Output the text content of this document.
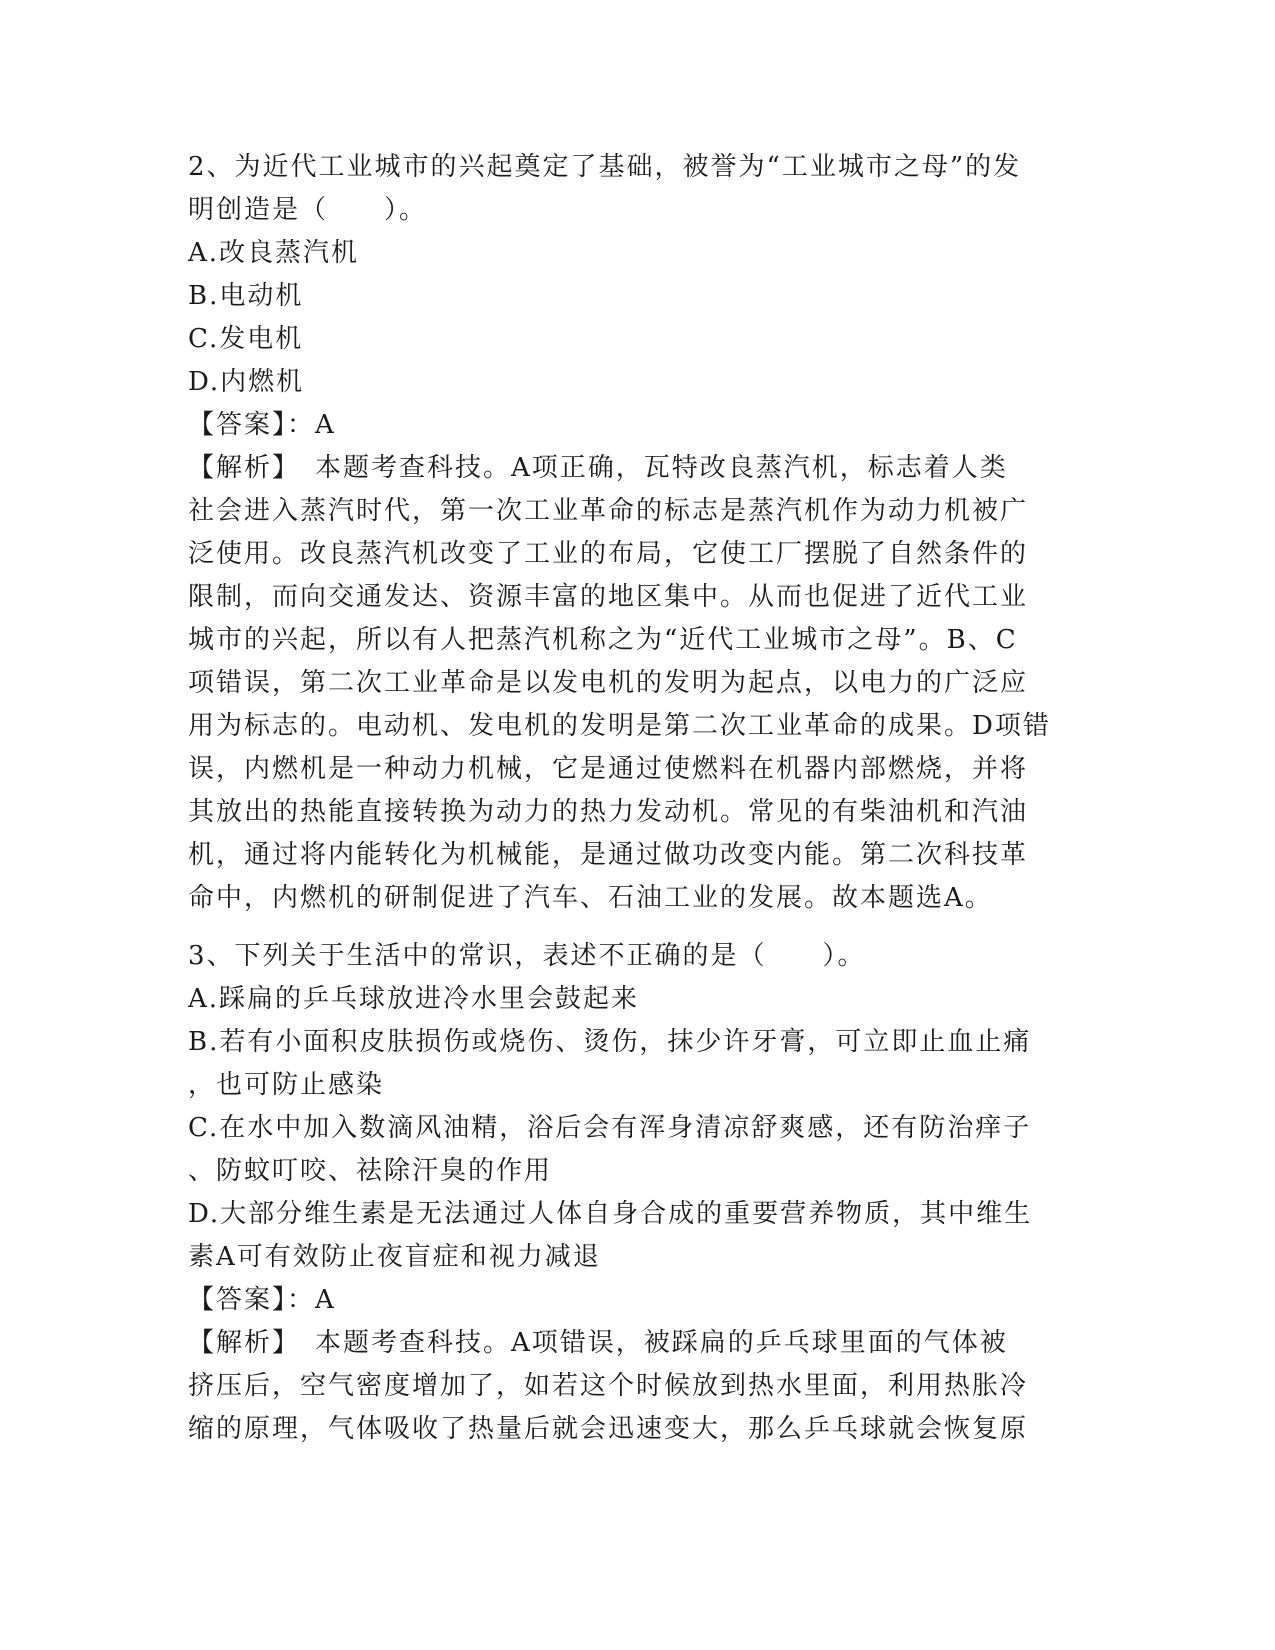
2、为近代工业城市的兴起奠定了基础，被誉为“工业城市之母”的发
明创造是（　　）。
A.改良蒸汽机
B.电动机
C.发电机
D.内燃机
【答案】：A
【解析】　本题考查科技。A项正确，瓦特改良蒸汽机，标志着人类
社会进入蒸汽时代，第一次工业革命的标志是蒸汽机作为动力机被广
泛使用。改良蒸汽机改变了工业的布局，它使工厂摆脱了自然条件的
限制，而向交通发达、资源丰富的地区集中。从而也促进了近代工业
城市的兴起，所以有人把蒸汽机称之为“近代工业城市之母”。B、C
项错误，第二次工业革命是以发电机的发明为起点，以电力的广泛应
用为标志的。电动机、发电机的发明是第二次工业革命的成果。D项错
误，内燃机是一种动力机械，它是通过使燃料在机器内部燃烧，并将
其放出的热能直接转换为动力的热力发动机。常见的有柴油机和汽油
机，通过将内能转化为机械能，是通过做功改变内能。第二次科技革
命中，内燃机的研制促进了汽车、石油工业的发展。故本题选A。
3、下列关于生活中的常识，表述不正确的是（　　）。
A.踩扁的乒乓球放进冷水里会鼓起来
B.若有小面积皮肤损伤或烧伤、烫伤，抹少许牙膏，可立即止血止痛
，也可防止感染
C.在水中加入数滴风油精，浴后会有浑身清凉舒爽感，还有防治痒子
、防蚊叮咬、祛除汗臭的作用
D.大部分维生素是无法通过人体自身合成的重要营养物质，其中维生
素A可有效防止夜盲症和视力减退
【答案】：A
【解析】　本题考查科技。A项错误，被踩扁的乒乓球里面的气体被
挤压后，空气密度增加了，如若这个时候放到热水里面，利用热胀冷
缩的原理，气体吸收了热量后就会迅速变大，那么乒乓球就会恢复原
